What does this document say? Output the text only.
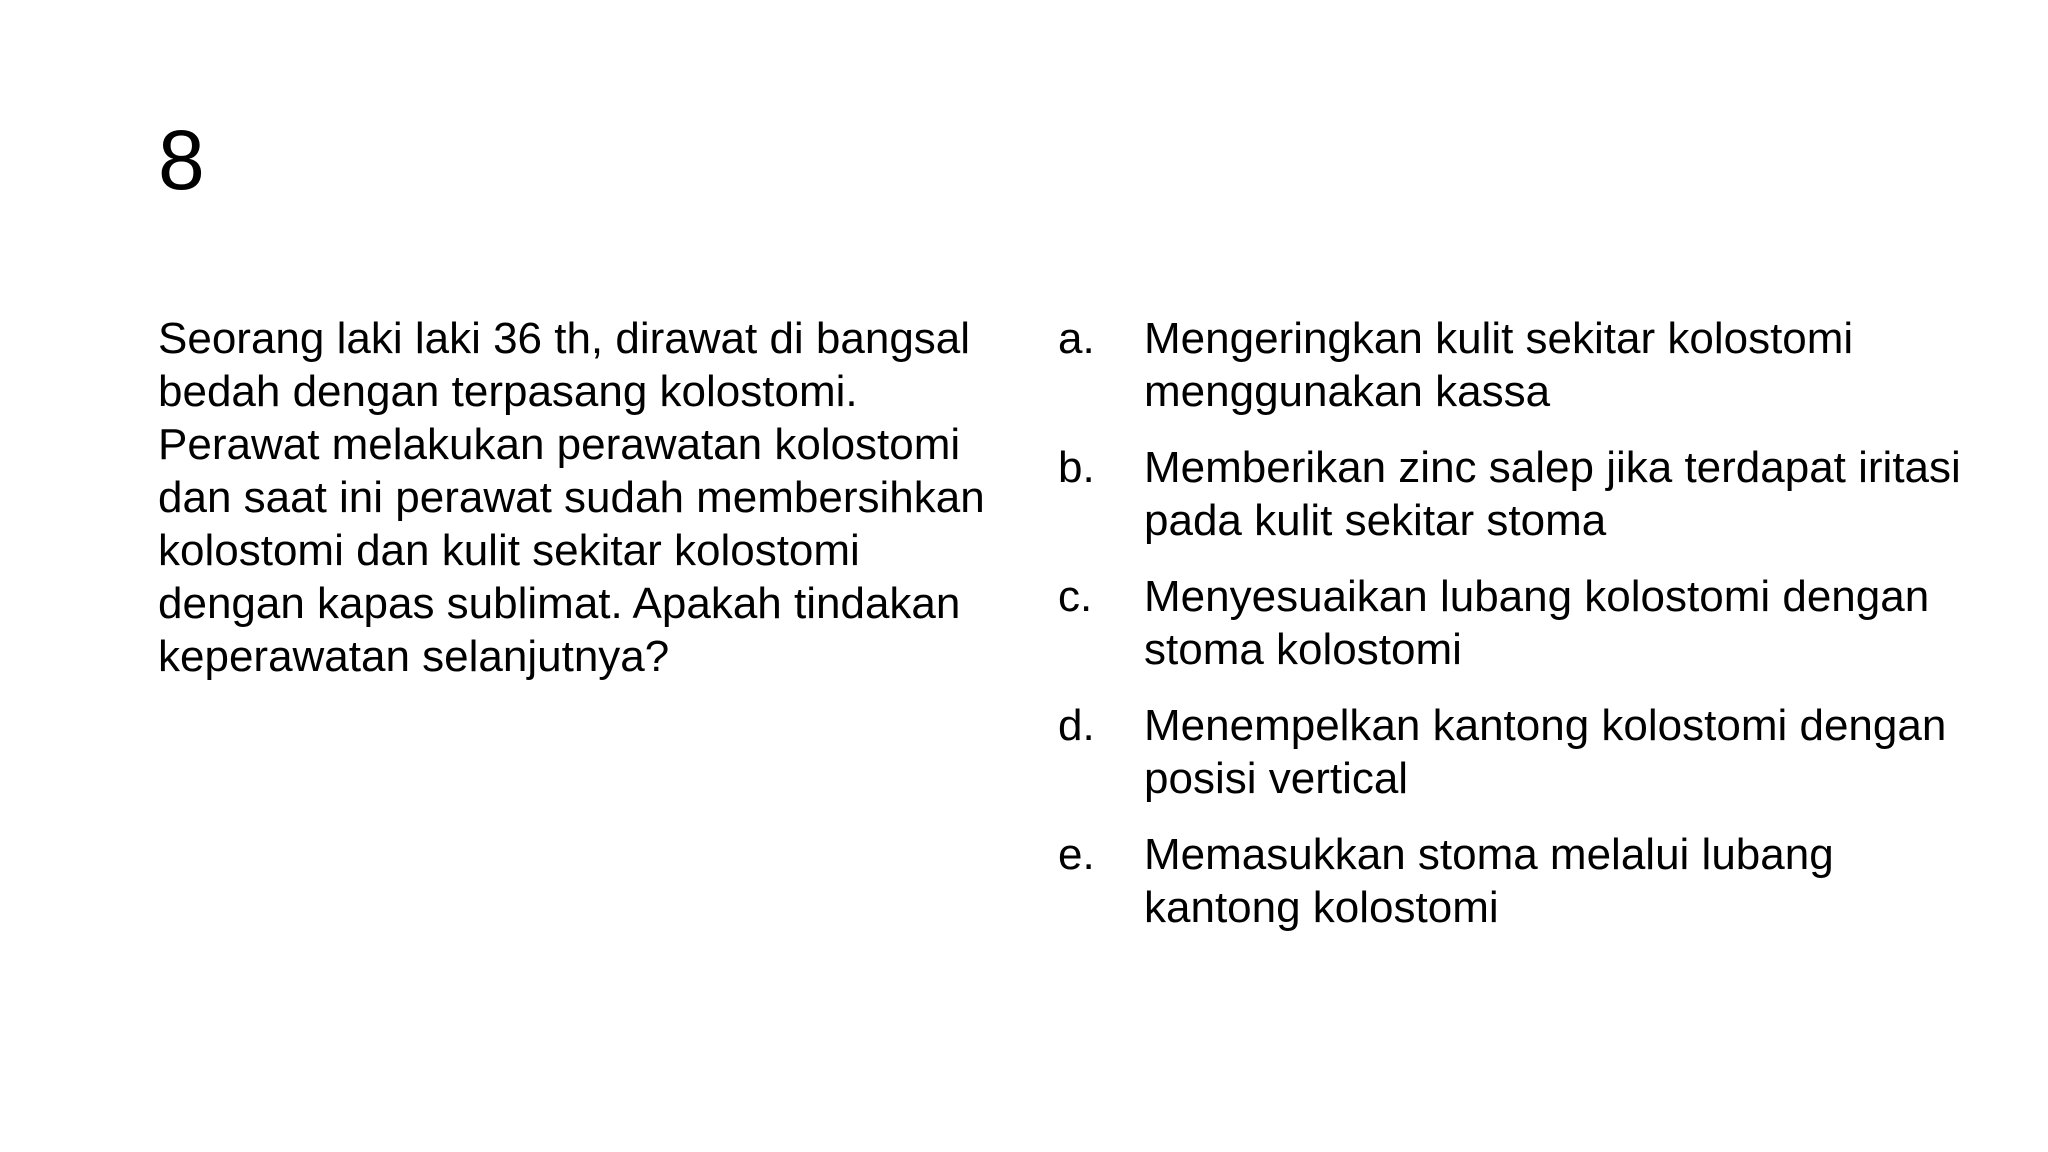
8

Seorang laki laki 36 th, dirawat di bangsal bedah dengan terpasang kolostomi. Perawat melakukan perawatan kolostomi dan saat ini perawat sudah membersihkan kolostomi dan kulit sekitar kolostomi dengan kapas sublimat. Apakah tindakan keperawatan selanjutnya?

a.	Mengeringkan kulit sekitar kolostomi menggunakan kassa
b.	Memberikan zinc salep jika terdapat iritasi pada kulit sekitar stoma
c.	Menyesuaikan lubang kolostomi dengan stoma kolostomi
d.	Menempelkan kantong kolostomi dengan posisi vertical
e.	Memasukkan stoma melalui lubang kantong kolostomi
